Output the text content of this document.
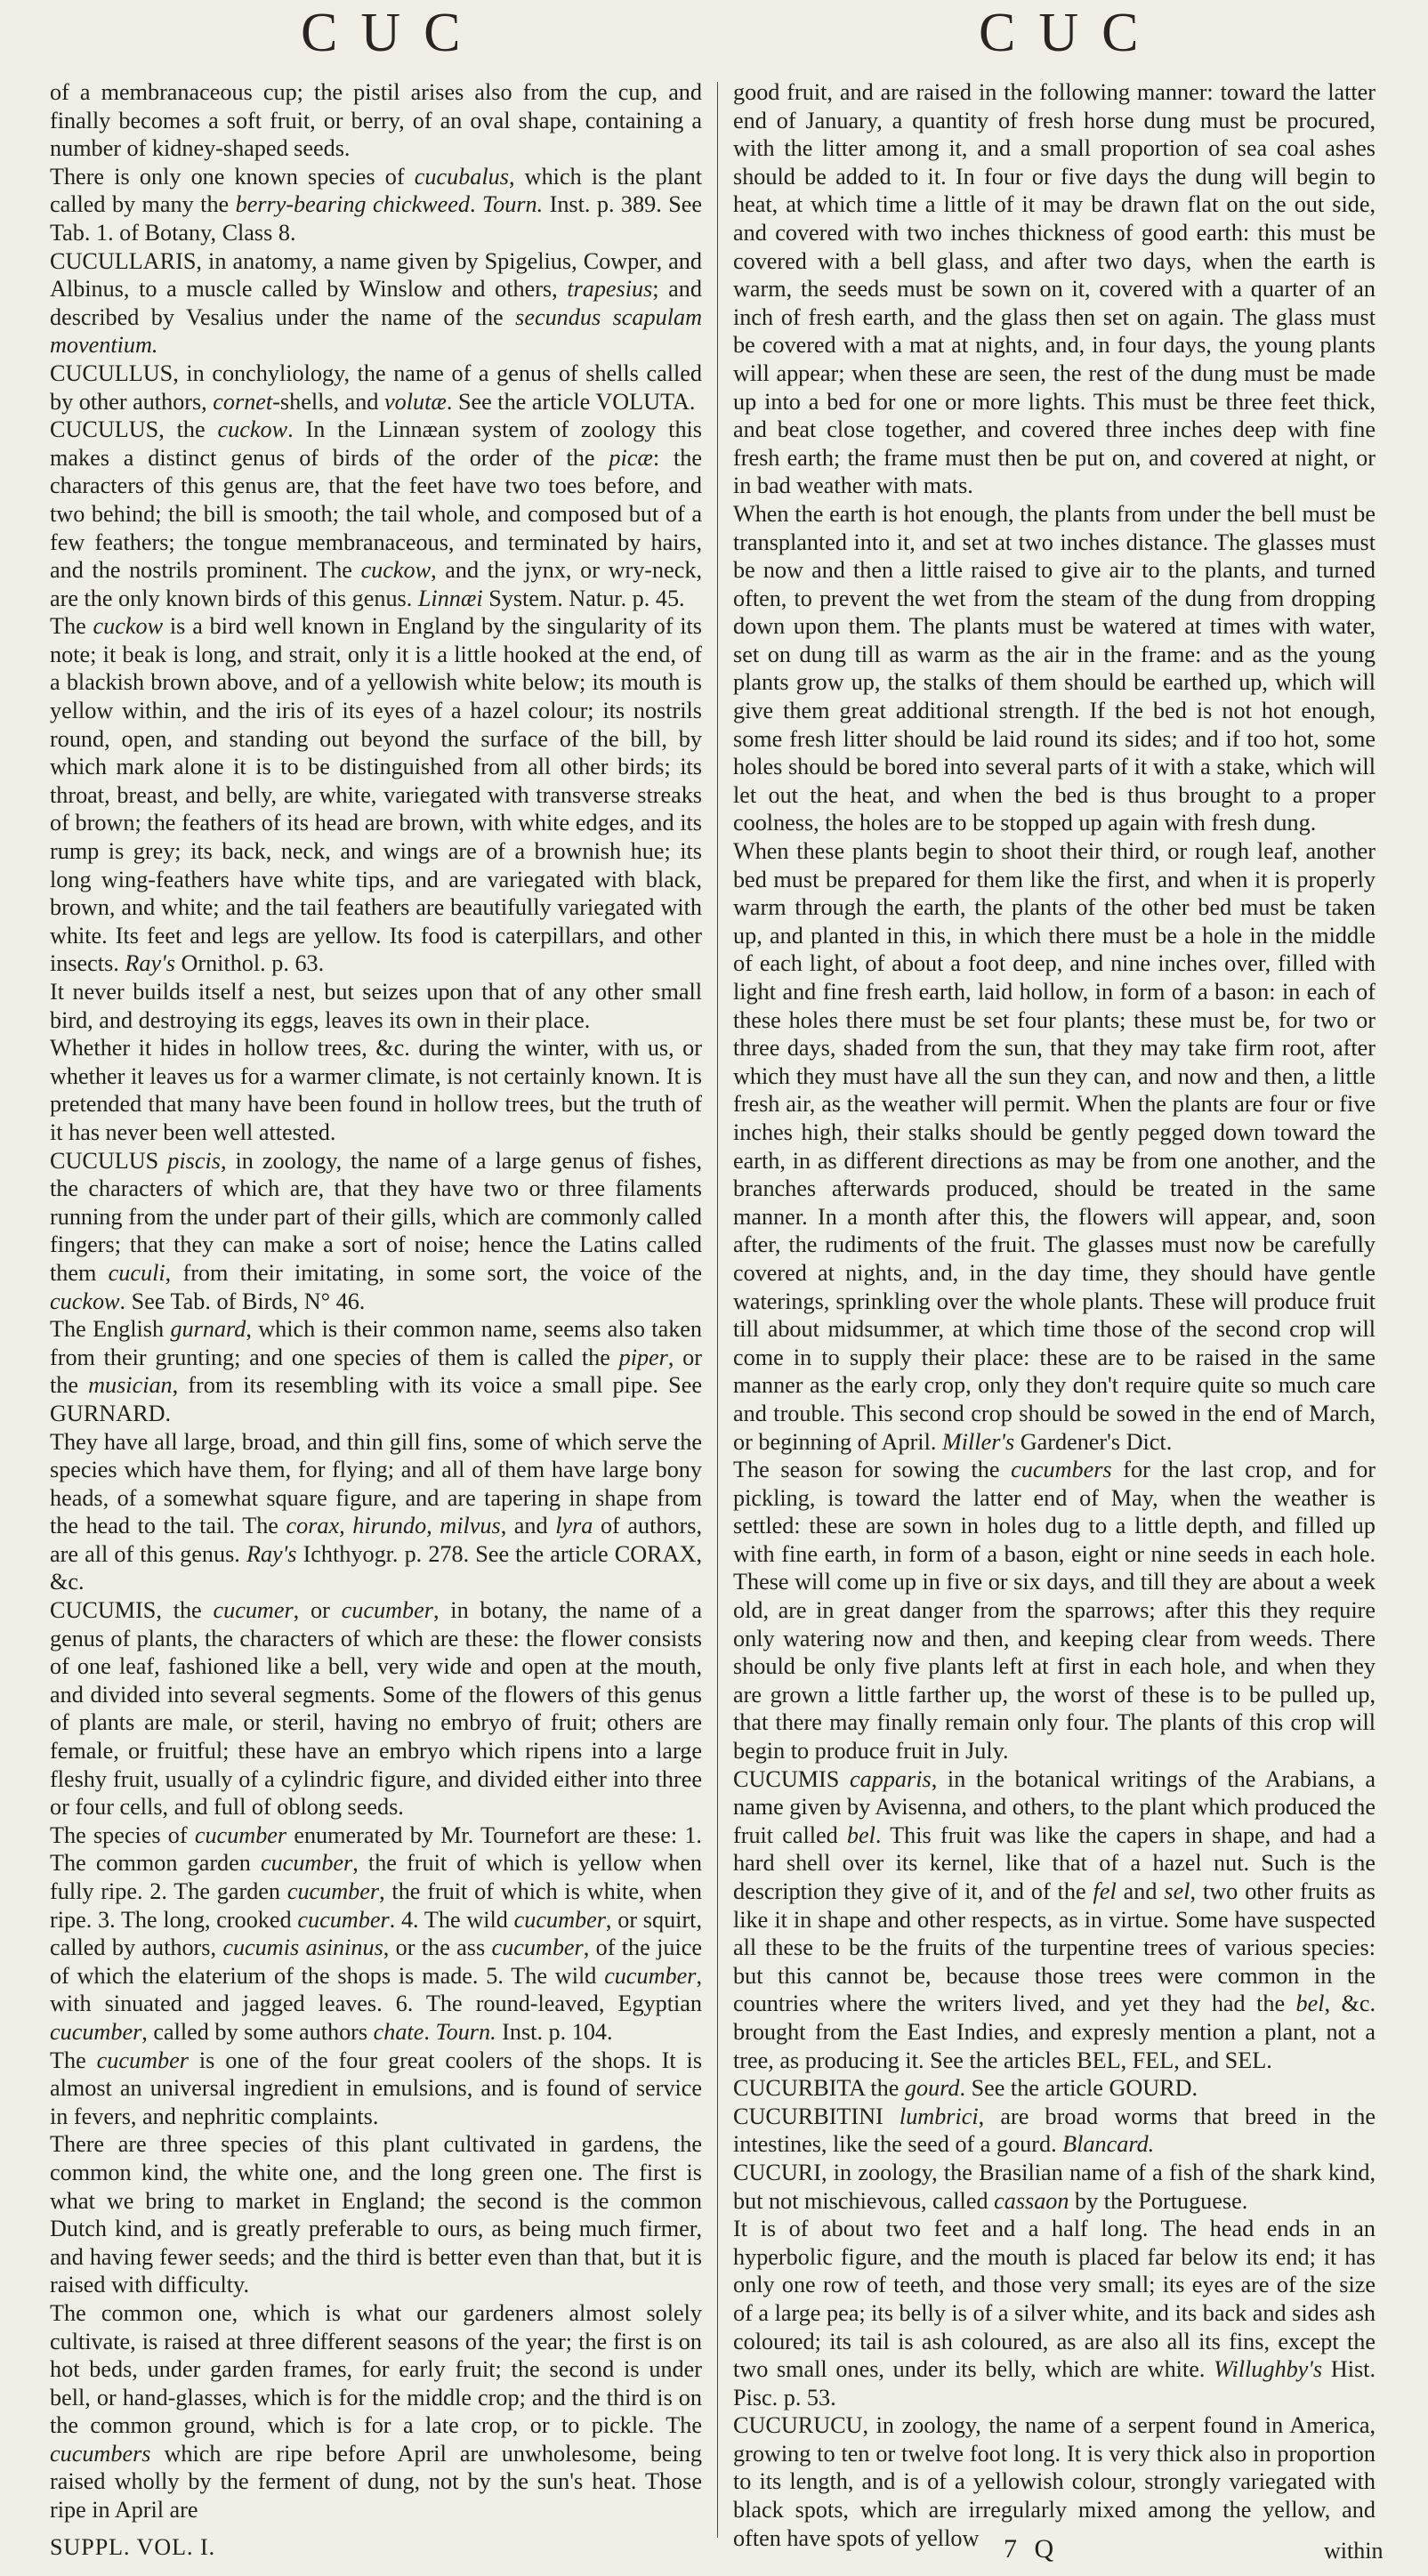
CUC	CUC

of a membranaceous cup; the pistil arises also from the cup, and finally becomes a soft fruit, or berry, of an oval shape, containing a number of kidney-shaped seeds.

There is only one known species of cucubalus, which is the plant called by many the berry-bearing chickweed. Tourn. Inst. p. 389. See Tab. 1. of Botany, Class 8.

CUCULLARIS, in anatomy, a name given by Spigelius, Cowper, and Albinus, to a muscle called by Winslow and others, trapesius; and described by Vesalius under the name of the secundus scapulam moventium.

CUCULLUS, in conchyliology, the name of a genus of shells called by other authors, cornet-shells, and volutæ. See the article VOLUTA.

CUCULUS, the cuckow. In the Linnæan system of zoology this makes a distinct genus of birds of the order of the picæ: the characters of this genus are, that the feet have two toes before, and two behind; the bill is smooth; the tail whole, and composed but of a few feathers; the tongue membranaceous, and terminated by hairs, and the nostrils prominent. The cuckow, and the jynx, or wry-neck, are the only known birds of this genus. Linnæi System. Natur. p. 45.

The cuckow is a bird well known in England by the singularity of its note; it beak is long, and strait, only it is a little hooked at the end, of a blackish brown above, and of a yellowish white below; its mouth is yellow within, and the iris of its eyes of a hazel colour; its nostrils round, open, and standing out beyond the surface of the bill, by which mark alone it is to be distinguished from all other birds; its throat, breast, and belly, are white, variegated with transverse streaks of brown; the feathers of its head are brown, with white edges, and its rump is grey; its back, neck, and wings are of a brownish hue; its long wing-feathers have white tips, and are variegated with black, brown, and white; and the tail feathers are beautifully variegated with white. Its feet and legs are yellow. Its food is caterpillars, and other insects. Ray's Ornithol. p. 63.

It never builds itself a nest, but seizes upon that of any other small bird, and destroying its eggs, leaves its own in their place.

Whether it hides in hollow trees, &c. during the winter, with us, or whether it leaves us for a warmer climate, is not certainly known. It is pretended that many have been found in hollow trees, but the truth of it has never been well attested.

CUCULUS piscis, in zoology, the name of a large genus of fishes, the characters of which are, that they have two or three filaments running from the under part of their gills, which are commonly called fingers; that they can make a sort of noise; hence the Latins called them cuculi, from their imitating, in some sort, the voice of the cuckow. See Tab. of Birds, N° 46.

The English gurnard, which is their common name, seems also taken from their grunting; and one species of them is called the piper, or the musician, from its resembling with its voice a small pipe. See GURNARD.

They have all large, broad, and thin gill fins, some of which serve the species which have them, for flying; and all of them have large bony heads, of a somewhat square figure, and are tapering in shape from the head to the tail. The corax, hirundo, milvus, and lyra of authors, are all of this genus. Ray's Ichthyogr. p. 278. See the article CORAX, &c.

CUCUMIS, the cucumer, or cucumber, in botany, the name of a genus of plants, the characters of which are these: the flower consists of one leaf, fashioned like a bell, very wide and open at the mouth, and divided into several segments. Some of the flowers of this genus of plants are male, or steril, having no embryo of fruit; others are female, or fruitful; these have an embryo which ripens into a large fleshy fruit, usually of a cylindric figure, and divided either into three or four cells, and full of oblong seeds.

The species of cucumber enumerated by Mr. Tournefort are these: 1. The common garden cucumber, the fruit of which is yellow when fully ripe. 2. The garden cucumber, the fruit of which is white, when ripe. 3. The long, crooked cucumber. 4. The wild cucumber, or squirt, called by authors, cucumis asininus, or the ass cucumber, of the juice of which the elaterium of the shops is made. 5. The wild cucumber, with sinuated and jagged leaves. 6. The round-leaved, Egyptian cucumber, called by some authors chate. Tourn. Inst. p. 104.

The cucumber is one of the four great coolers of the shops. It is almost an universal ingredient in emulsions, and is found of service in fevers, and nephritic complaints.

There are three species of this plant cultivated in gardens, the common kind, the white one, and the long green one. The first is what we bring to market in England; the second is the common Dutch kind, and is greatly preferable to ours, as being much firmer, and having fewer seeds; and the third is better even than that, but it is raised with difficulty.

The common one, which is what our gardeners almost solely cultivate, is raised at three different seasons of the year; the first is on hot beds, under garden frames, for early fruit; the second is under bell, or hand-glasses, which is for the middle crop; and the third is on the common ground, which is for a late crop, or to pickle. The cucumbers which are ripe before April are unwholesome, being raised wholly by the ferment of dung, not by the sun's heat. Those ripe in April are

good fruit, and are raised in the following manner: toward the latter end of January, a quantity of fresh horse dung must be procured, with the litter among it, and a small proportion of sea coal ashes should be added to it. In four or five days the dung will begin to heat, at which time a little of it may be drawn flat on the out side, and covered with two inches thickness of good earth: this must be covered with a bell glass, and after two days, when the earth is warm, the seeds must be sown on it, covered with a quarter of an inch of fresh earth, and the glass then set on again. The glass must be covered with a mat at nights, and, in four days, the young plants will appear; when these are seen, the rest of the dung must be made up into a bed for one or more lights. This must be three feet thick, and beat close together, and covered three inches deep with fine fresh earth; the frame must then be put on, and covered at night, or in bad weather with mats.

When the earth is hot enough, the plants from under the bell must be transplanted into it, and set at two inches distance. The glasses must be now and then a little raised to give air to the plants, and turned often, to prevent the wet from the steam of the dung from dropping down upon them. The plants must be watered at times with water, set on dung till as warm as the air in the frame: and as the young plants grow up, the stalks of them should be earthed up, which will give them great additional strength. If the bed is not hot enough, some fresh litter should be laid round its sides; and if too hot, some holes should be bored into several parts of it with a stake, which will let out the heat, and when the bed is thus brought to a proper coolness, the holes are to be stopped up again with fresh dung.

When these plants begin to shoot their third, or rough leaf, another bed must be prepared for them like the first, and when it is properly warm through the earth, the plants of the other bed must be taken up, and planted in this, in which there must be a hole in the middle of each light, of about a foot deep, and nine inches over, filled with light and fine fresh earth, laid hollow, in form of a bason: in each of these holes there must be set four plants; these must be, for two or three days, shaded from the sun, that they may take firm root, after which they must have all the sun they can, and now and then, a little fresh air, as the weather will permit. When the plants are four or five inches high, their stalks should be gently pegged down toward the earth, in as different directions as may be from one another, and the branches afterwards produced, should be treated in the same manner. In a month after this, the flowers will appear, and, soon after, the rudiments of the fruit. The glasses must now be carefully covered at nights, and, in the day time, they should have gentle waterings, sprinkling over the whole plants. These will produce fruit till about midsummer, at which time those of the second crop will come in to supply their place: these are to be raised in the same manner as the early crop, only they don't require quite so much care and trouble. This second crop should be sowed in the end of March, or beginning of April. Miller's Gardener's Dict.

The season for sowing the cucumbers for the last crop, and for pickling, is toward the latter end of May, when the weather is settled: these are sown in holes dug to a little depth, and filled up with fine earth, in form of a bason, eight or nine seeds in each hole. These will come up in five or six days, and till they are about a week old, are in great danger from the sparrows; after this they require only watering now and then, and keeping clear from weeds. There should be only five plants left at first in each hole, and when they are grown a little farther up, the worst of these is to be pulled up, that there may finally remain only four. The plants of this crop will begin to produce fruit in July.

CUCUMIS capparis, in the botanical writings of the Arabians, a name given by Avisenna, and others, to the plant which produced the fruit called bel. This fruit was like the capers in shape, and had a hard shell over its kernel, like that of a hazel nut. Such is the description they give of it, and of the fel and sel, two other fruits as like it in shape and other respects, as in virtue. Some have suspected all these to be the fruits of the turpentine trees of various species: but this cannot be, because those trees were common in the countries where the writers lived, and yet they had the bel, &c. brought from the East Indies, and expresly mention a plant, not a tree, as producing it. See the articles BEL, FEL, and SEL.

CUCURBITA the gourd. See the article GOURD.

CUCURBITINI lumbrici, are broad worms that breed in the intestines, like the seed of a gourd. Blancard.

CUCURI, in zoology, the Brasilian name of a fish of the shark kind, but not mischievous, called cassaon by the Portuguese.

It is of about two feet and a half long. The head ends in an hyperbolic figure, and the mouth is placed far below its end; it has only one row of teeth, and those very small; its eyes are of the size of a large pea; its belly is of a silver white, and its back and sides ash coloured; its tail is ash coloured, as are also all its fins, except the two small ones, under its belly, which are white. Willughby's Hist. Pisc. p. 53.

CUCURUCU, in zoology, the name of a serpent found in America, growing to ten or twelve foot long. It is very thick also in proportion to its length, and is of a yellowish colour, strongly variegated with black spots, which are irregularly mixed among the yellow, and often have spots of yellow

SUPPL. VOL. I.	7 Q	within
